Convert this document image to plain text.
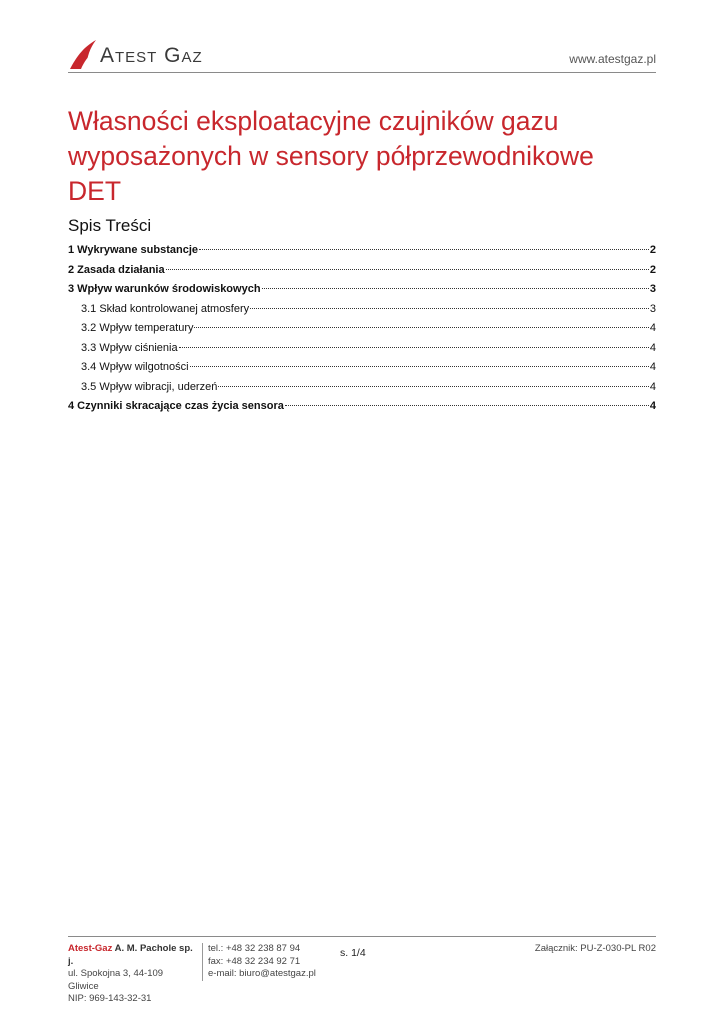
Atest Gaz	www.atestgaz.pl
Własności eksploatacyjne czujników gazu
wyposażonych w sensory półprzewodnikowe
DET
Spis Treści
1 Wykrywane substancje	2
2 Zasada działania	2
3 Wpływ warunków środowiskowych	3
3.1 Skład kontrolowanej atmosfery	3
3.2 Wpływ temperatury	4
3.3 Wpływ ciśnienia	4
3.4 Wpływ wilgotności	4
3.5 Wpływ wibracji, uderzeń	4
4 Czynniki skracające czas życia sensora	4
Atest-Gaz A. M. Pachole sp. j.
ul. Spokojna 3, 44-109 Gliwice
NIP: 969-143-32-31
tel.: +48 32 238 87 94
fax: +48 32 234 92 71
e-mail: biuro@atestgaz.pl
s. 1/4	Załącznik: PU-Z-030-PL R02
